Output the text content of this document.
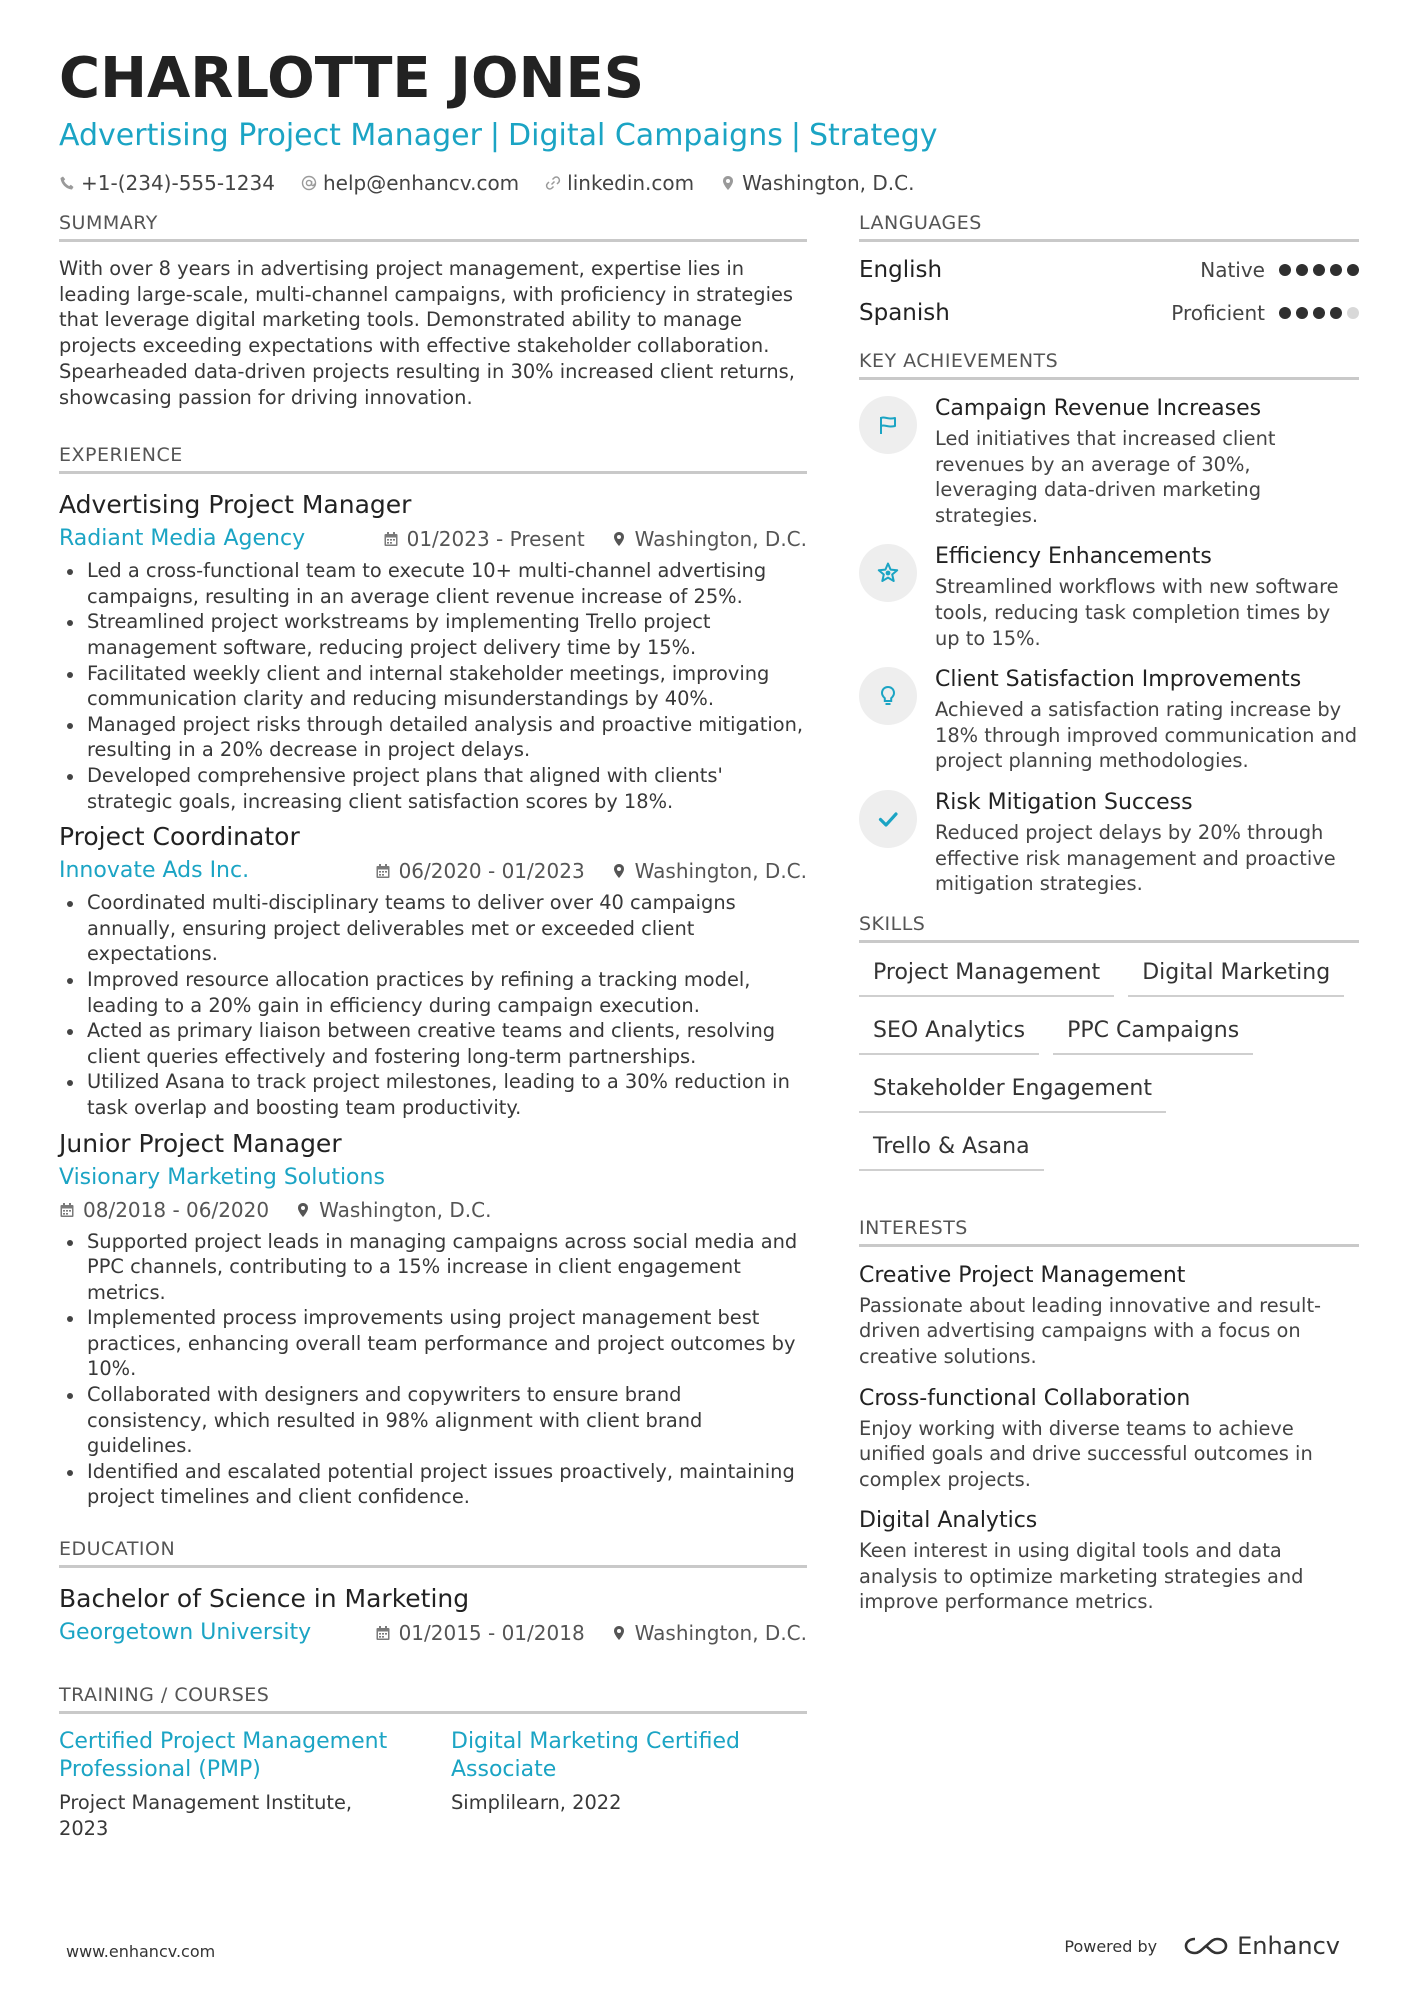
CHARLOTTE JONES
Advertising Project Manager | Digital Campaigns | Strategy
+1-(234)-555-1234 help@enhancv.com linkedin.com Washington, D.C.
SUMMARY
With over 8 years in advertising project management, expertise lies in leading large-scale, multi-channel campaigns, with proficiency in strategies that leverage digital marketing tools. Demonstrated ability to manage projects exceeding expectations with effective stakeholder collaboration. Spearheaded data-driven projects resulting in 30% increased client returns, showcasing passion for driving innovation.
EXPERIENCE
Advertising Project Manager
Radiant Media Agency	01/2023 - Present	Washington, D.C.
Led a cross-functional team to execute 10+ multi-channel advertising campaigns, resulting in an average client revenue increase of 25%.
Streamlined project workstreams by implementing Trello project management software, reducing project delivery time by 15%.
Facilitated weekly client and internal stakeholder meetings, improving communication clarity and reducing misunderstandings by 40%.
Managed project risks through detailed analysis and proactive mitigation, resulting in a 20% decrease in project delays.
Developed comprehensive project plans that aligned with clients' strategic goals, increasing client satisfaction scores by 18%.
Project Coordinator
Innovate Ads Inc.	06/2020 - 01/2023	Washington, D.C.
Coordinated multi-disciplinary teams to deliver over 40 campaigns annually, ensuring project deliverables met or exceeded client expectations.
Improved resource allocation practices by refining a tracking model, leading to a 20% gain in efficiency during campaign execution.
Acted as primary liaison between creative teams and clients, resolving client queries effectively and fostering long-term partnerships.
Utilized Asana to track project milestones, leading to a 30% reduction in task overlap and boosting team productivity.
Junior Project Manager
Visionary Marketing Solutions
08/2018 - 06/2020	Washington, D.C.
Supported project leads in managing campaigns across social media and PPC channels, contributing to a 15% increase in client engagement metrics.
Implemented process improvements using project management best practices, enhancing overall team performance and project outcomes by 10%.
Collaborated with designers and copywriters to ensure brand consistency, which resulted in 98% alignment with client brand guidelines.
Identified and escalated potential project issues proactively, maintaining project timelines and client confidence.
EDUCATION
Bachelor of Science in Marketing
Georgetown University	01/2015 - 01/2018	Washington, D.C.
TRAINING / COURSES
Certified Project Management Professional (PMP)
Project Management Institute, 2023
Digital Marketing Certified Associate
Simplilearn, 2022
LANGUAGES
English	Native
Spanish	Proficient
KEY ACHIEVEMENTS
Campaign Revenue Increases
Led initiatives that increased client revenues by an average of 30%, leveraging data-driven marketing strategies.
Efficiency Enhancements
Streamlined workflows with new software tools, reducing task completion times by up to 15%.
Client Satisfaction Improvements
Achieved a satisfaction rating increase by 18% through improved communication and project planning methodologies.
Risk Mitigation Success
Reduced project delays by 20% through effective risk management and proactive mitigation strategies.
SKILLS
Project Management	Digital Marketing
SEO Analytics	PPC Campaigns
Stakeholder Engagement
Trello & Asana
INTERESTS
Creative Project Management
Passionate about leading innovative and result-driven advertising campaigns with a focus on creative solutions.
Cross-functional Collaboration
Enjoy working with diverse teams to achieve unified goals and drive successful outcomes in complex projects.
Digital Analytics
Keen interest in using digital tools and data analysis to optimize marketing strategies and improve performance metrics.
www.enhancv.com	Powered by	Enhancv
